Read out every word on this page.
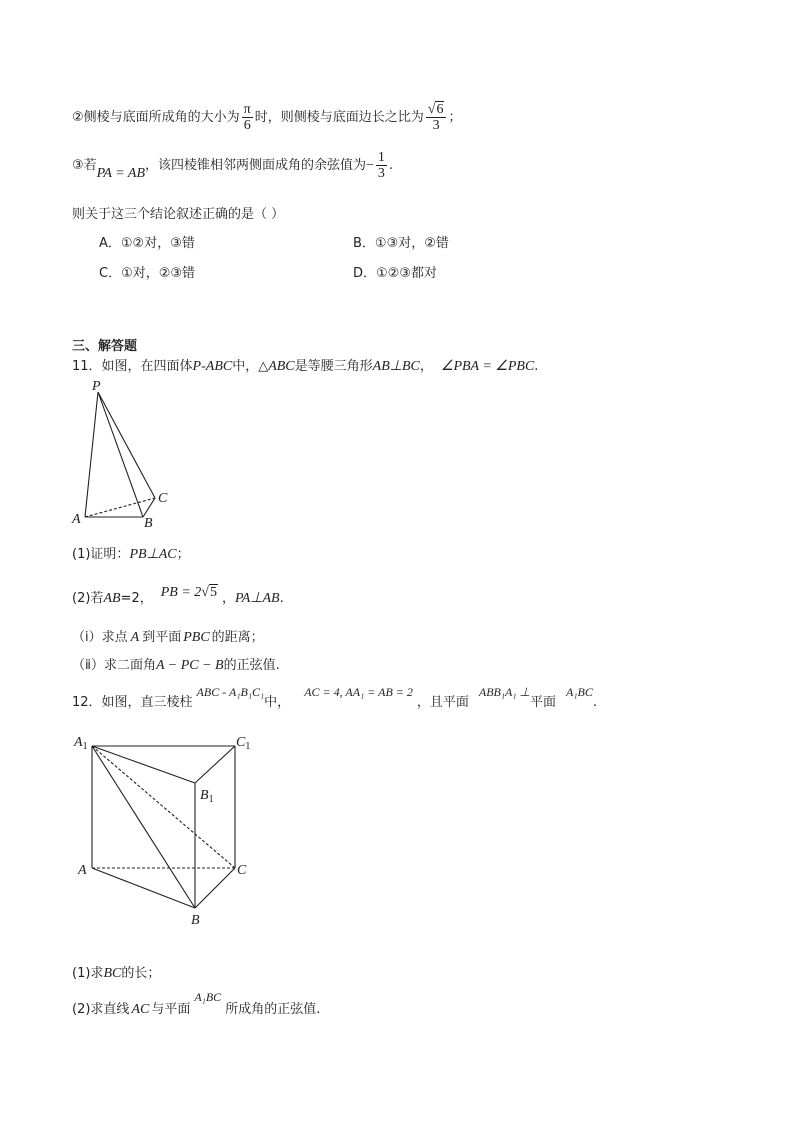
②侧棱与底面所成角的大小为 $\frac{\pi}{6}$ 时，则侧棱与底面边长之比为 $\frac{√6}{3}$ ；
③若PA = AB，该四棱锥相邻两侧面成角的余弦值为− $\frac{1}{3}$ .
则关于这三个结论叙述正确的是（ ）
A．①②对，③错	B．①③对，②错
C．①对，②③错	D．①②③都对
三、解答题
11．如图，在四面体P-ABC中，△ABC是等腰三角形AB⊥BC， ∠PBA = ∠PBC.
P
A	B
C
(1)证明：PB⊥AC；
(2)若AB=2， PB = 2√5 ，PA⊥AB.
（ⅰ）求点 A 到平面 PBC 的距离；
（ⅱ）求二面角A − PC − B的正弦值.
12．如图，直三棱柱ABC - A₁B₁C₁中，AC = 4, AA₁ = AB = 2，且平面ABB₁A₁ ⊥平面A₁BC.
$A_1$	$C_1$
$B_1$
A	C
B
(1)求BC的长；
(2)求直线 AC 与平面A₁BC所成角的正弦值.
